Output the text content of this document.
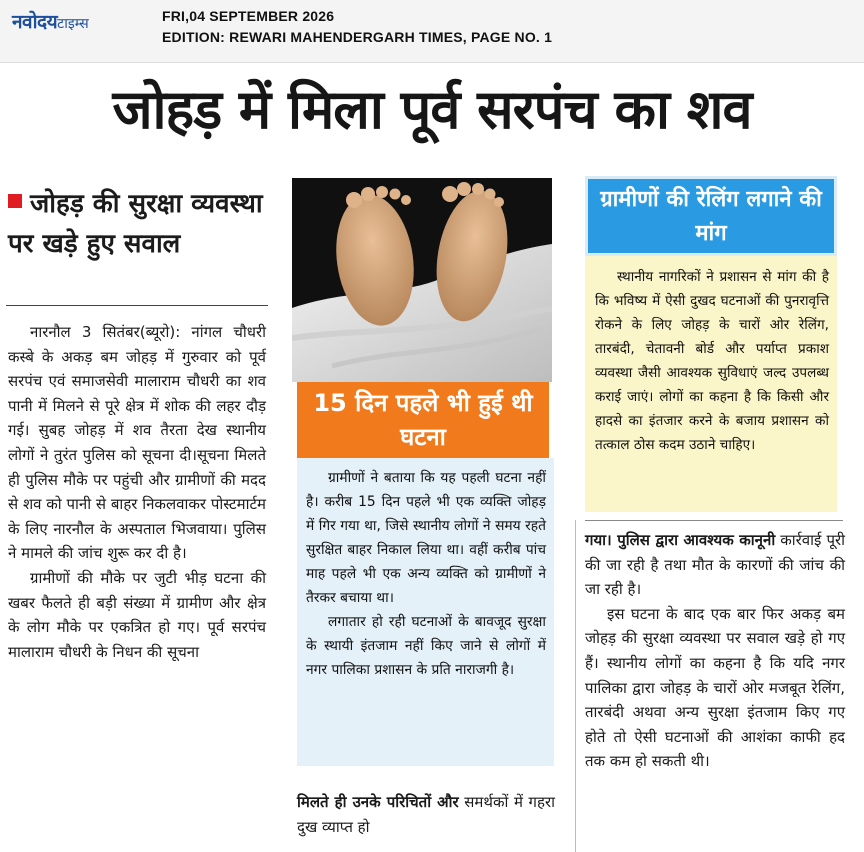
नवोदयटाइम्स	FRI,04 SEPTEMBER 2026
EDITION: REWARI MAHENDERGARH TIMES, PAGE NO. 1
जोहड़ में मिला पूर्व सरपंच का शव
जोहड़ की सुरक्षा व्यवस्था पर खड़े हुए सवाल

नारनौल 3 सितंबर(ब्यूरो): नांगल चौधरी कस्बे के अकड़ बम जोहड़ में गुरुवार को पूर्व सरपंच एवं समाजसेवी मालाराम चौधरी का शव पानी में मिलने से पूरे क्षेत्र में शोक की लहर दौड़ गई। सुबह जोहड़ में शव तैरता देख स्थानीय लोगों ने तुरंत पुलिस को सूचना दी।सूचना मिलते ही पुलिस मौके पर पहुंची और ग्रामीणों की मदद से शव को पानी से बाहर निकलवाकर पोस्टमार्टम के लिए नारनौल के अस्पताल भिजवाया। पुलिस ने मामले की जांच शुरू कर दी है।

ग्रामीणों की मौके पर जुटी भीड़ घटना की खबर फैलते ही बड़ी संख्या में ग्रामीण और क्षेत्र के लोग मौके पर एकत्रित हो गए। पूर्व सरपंच मालाराम चौधरी के निधन की सूचना

15 दिन पहले भी हुई थी घटना

ग्रामीणों ने बताया कि यह पहली घटना नहीं है। करीब 15 दिन पहले भी एक व्यक्ति जोहड़ में गिर गया था, जिसे स्थानीय लोगों ने समय रहते सुरक्षित बाहर निकाल लिया था। वहीं करीब पांच माह पहले भी एक अन्य व्यक्ति को ग्रामीणों ने तैरकर बचाया था।

लगातार हो रही घटनाओं के बावजूद सुरक्षा के स्थायी इंतजाम नहीं किए जाने से लोगों में नगर पालिका प्रशासन के प्रति नाराजगी है।

मिलते ही उनके परिचितों और समर्थकों में गहरा दुख व्याप्त हो

ग्रामीणों की रेलिंग लगाने की मांग

स्थानीय नागरिकों ने प्रशासन से मांग की है कि भविष्य में ऐसी दुखद घटनाओं की पुनरावृत्ति रोकने के लिए जोहड़ के चारों ओर रेलिंग, तारबंदी, चेतावनी बोर्ड और पर्याप्त प्रकाश व्यवस्था जैसी आवश्यक सुविधाएं जल्द उपलब्ध कराई जाएं। लोगों का कहना है कि किसी और हादसे का इंतजार करने के बजाय प्रशासन को तत्काल ठोस कदम उठाने चाहिए।

गया। पुलिस द्वारा आवश्यक कानूनी कार्रवाई पूरी की जा रही है तथा मौत के कारणों की जांच की जा रही है।

इस घटना के बाद एक बार फिर अकड़ बम जोहड़ की सुरक्षा व्यवस्था पर सवाल खड़े हो गए हैं। स्थानीय लोगों का कहना है कि यदि नगर पालिका द्वारा जोहड़ के चारों ओर मजबूत रेलिंग, तारबंदी अथवा अन्य सुरक्षा इंतजाम किए गए होते तो ऐसी घटनाओं की आशंका काफी हद तक कम हो सकती थी।
